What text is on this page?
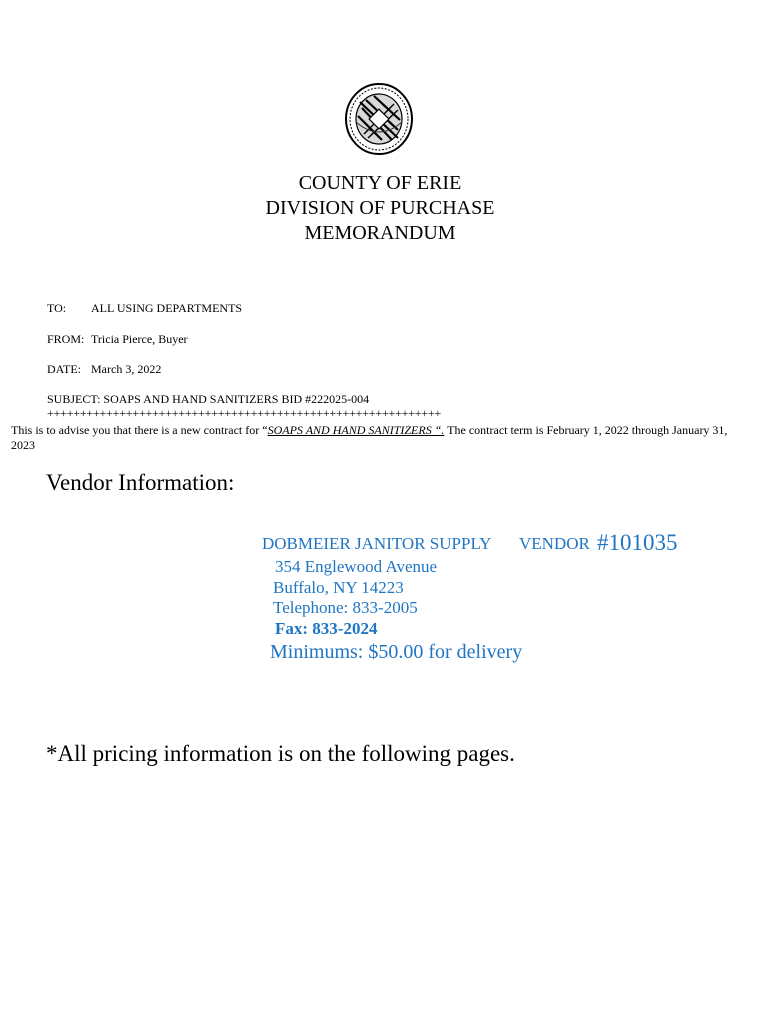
COUNTY OF ERIE
DIVISION OF PURCHASE
MEMORANDUM
TO: ALL USING DEPARTMENTS
FROM: Tricia Pierce, Buyer
DATE: March 3, 2022
SUBJECT: SOAPS AND HAND SANITIZERS BID #222025-004
++++++++++++++++++++++++++++++++++++++++++++++++++++++++++++
This is to advise you that there is a new contract for “SOAPS AND HAND SANITIZERS “. The contract term is February 1, 2022 through January 31, 2023
Vendor Information:
DOBMEIER JANITOR SUPPLY VENDOR #101035
354 Englewood Avenue
Buffalo, NY 14223
Telephone: 833-2005
Fax: 833-2024
Minimums: $50.00 for delivery
*All pricing information is on the following pages.
